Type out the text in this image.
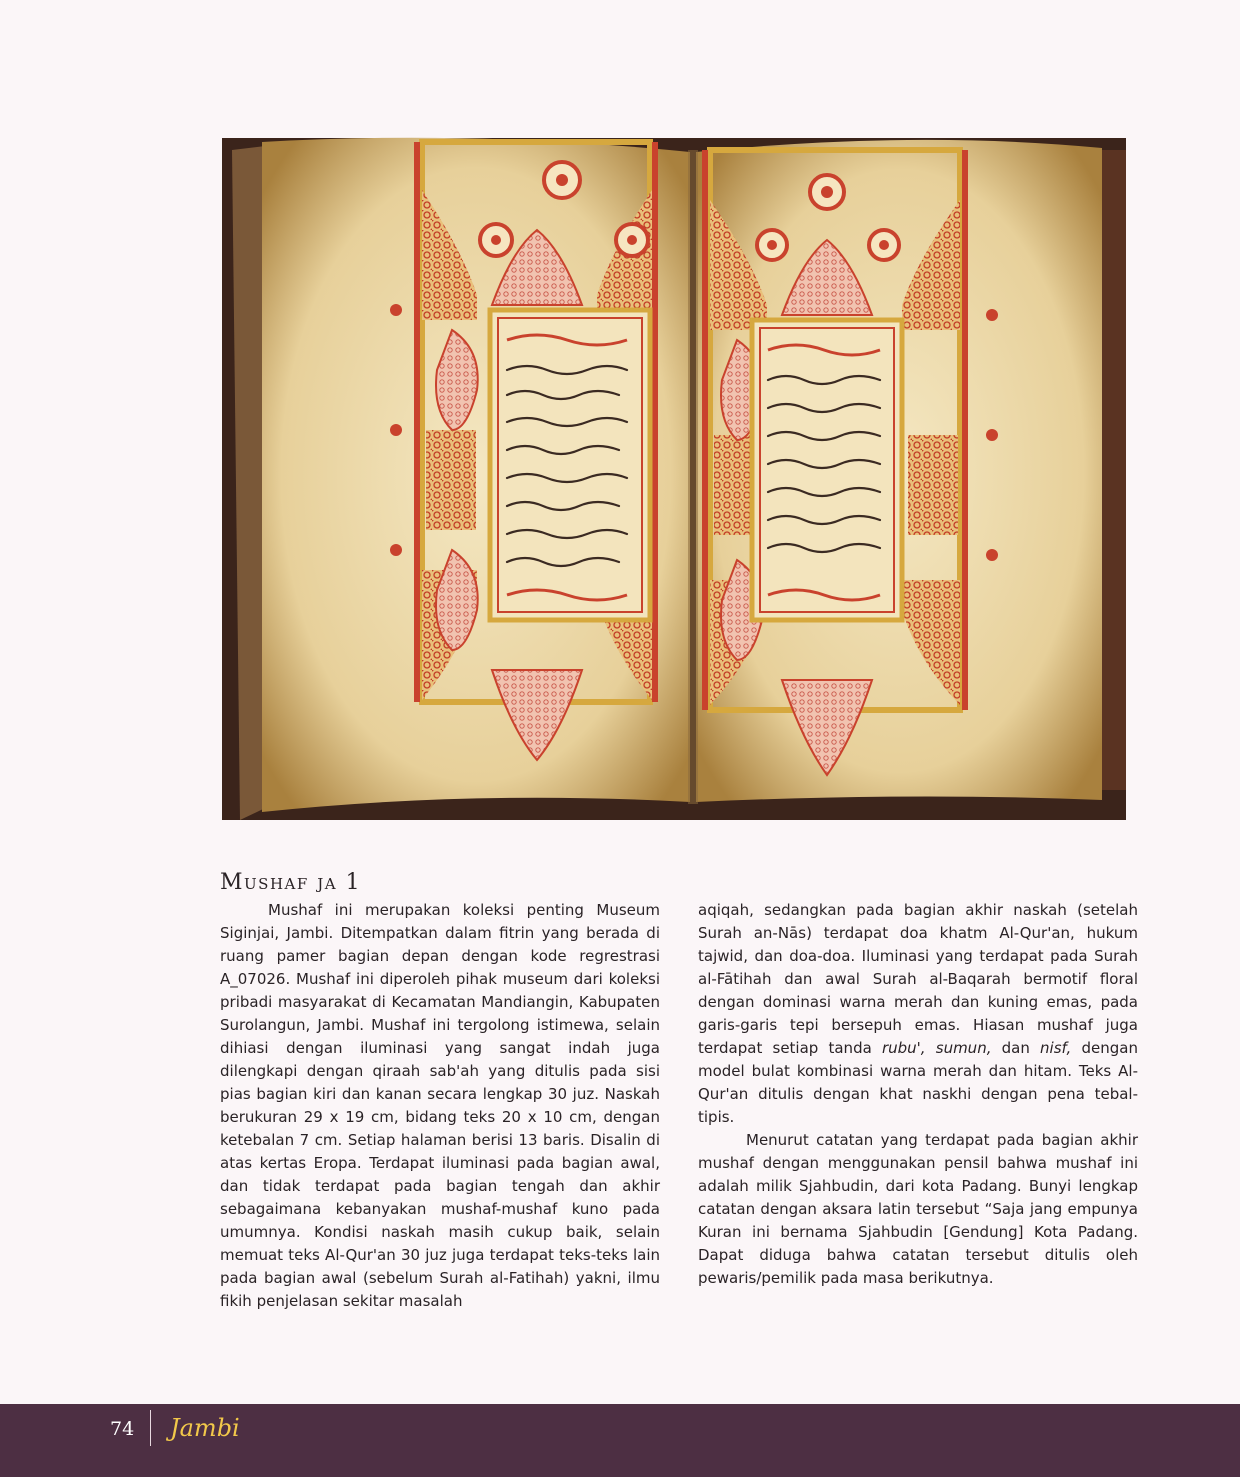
Mushaf ja 1

Mushaf ini merupakan koleksi penting Museum Siginjai, Jambi. Ditempatkan dalam fitrin yang berada di ruang pamer bagian depan dengan kode regrestrasi A_07026. Mushaf ini diperoleh pihak museum dari koleksi pribadi masyarakat di Kecamatan Mandiangin, Kabupaten Surolangun, Jambi. Mushaf ini tergolong istimewa, selain dihiasi dengan iluminasi yang sangat indah juga dilengkapi dengan qiraah sab'ah yang ditulis pada sisi pias bagian kiri dan kanan secara lengkap 30 juz. Naskah berukuran 29 x 19 cm, bidang teks 20 x 10 cm, dengan ketebalan 7 cm. Setiap halaman berisi 13 baris. Disalin di atas kertas Eropa. Terdapat iluminasi pada bagian awal, dan tidak terdapat pada bagian tengah dan akhir sebagaimana kebanyakan mushaf-mushaf kuno pada umumnya. Kondisi naskah masih cukup baik, selain memuat teks Al-Qur'an 30 juz juga terdapat teks-teks lain pada bagian awal (sebelum Surah al-Fatihah) yakni, ilmu fikih penjelasan sekitar masalah

aqiqah, sedangkan pada bagian akhir naskah (setelah Surah an-Nās) terdapat doa khatm Al-Qur'an, hukum tajwid, dan doa-doa. Iluminasi yang terdapat pada Surah al-Fātihah dan awal Surah al-Baqarah bermotif floral dengan dominasi warna merah dan kuning emas, pada garis-garis tepi bersepuh emas. Hiasan mushaf juga terdapat setiap tanda rubu', sumun, dan nisf, dengan model bulat kombinasi warna merah dan hitam. Teks Al-Qur'an ditulis dengan khat naskhi dengan pena tebal-tipis.

Menurut catatan yang terdapat pada bagian akhir mushaf dengan menggunakan pensil bahwa mushaf ini adalah milik Sjahbudin, dari kota Padang. Bunyi lengkap catatan dengan aksara latin tersebut “Saja jang empunya Kuran ini bernama Sjahbudin [Gendung] Kota Padang. Dapat diduga bahwa catatan tersebut ditulis oleh pewaris/pemilik pada masa berikutnya.

74 Jambi
